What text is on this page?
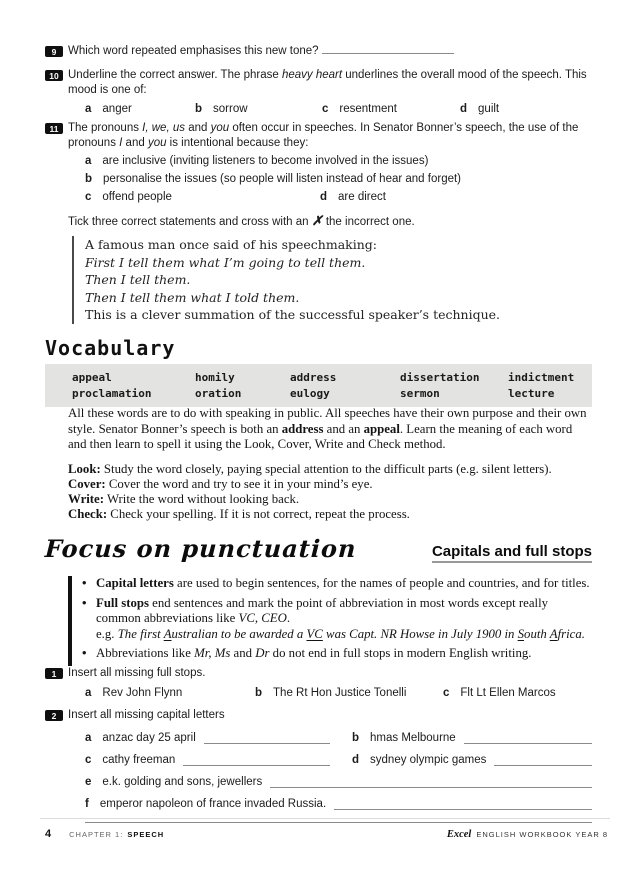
9	Which word repeated emphasises this new tone?
10 Underline the correct answer. The phrase heavy heart underlines the overall mood of the speech. This mood is one of:
a anger	b sorrow	c resentment	d guilt
11 The pronouns I, we, us and you often occur in speeches. In Senator Bonner’s speech, the use of the pronouns I and you is intentional because they:
a are inclusive (inviting listeners to become involved in the issues)
b personalise the issues (so people will listen instead of hear and forget)
c offend people	d are direct
Tick three correct statements and cross with an ✗ the incorrect one.
A famous man once said of his speechmaking:
First I tell them what I’m going to tell them.
Then I tell them.
Then I tell them what I told them.
This is a clever summation of the successful speaker’s technique.
Vocabulary
appeal	homily	address	dissertation	indictment
proclamation	oration	eulogy	sermon	lecture
All these words are to do with speaking in public. All speeches have their own purpose and their own style. Senator Bonner’s speech is both an address and an appeal. Learn the meaning of each word and then learn to spell it using the Look, Cover, Write and Check method.
Look: Study the word closely, paying special attention to the difficult parts (e.g. silent letters).
Cover: Cover the word and try to see it in your mind’s eye.
Write: Write the word without looking back.
Check: Check your spelling. If it is not correct, repeat the process.
Focus on punctuation	Capitals and full stops
• Capital letters are used to begin sentences, for the names of people and countries, and for titles.
• Full stops end sentences and mark the point of abbreviation in most words except really common abbreviations like VC, CEO.
e.g. The first Australian to be awarded a VC was Capt. NR Howse in July 1900 in South Africa.
• Abbreviations like Mr, Ms and Dr do not end in full stops in modern English writing.
1	Insert all missing full stops.
a Rev John Flynn	b The Rt Hon Justice Tonelli	c Flt Lt Ellen Marcos
2	Insert all missing capital letters
a anzac day 25 april	b hmas Melbourne
c cathy freeman	d sydney olympic games
e e.k. golding and sons, jewellers
f emperor napoleon of france invaded Russia.
4 CHAPTER 1: SPEECH	Excel ENGLISH WORKBOOK YEAR 8
